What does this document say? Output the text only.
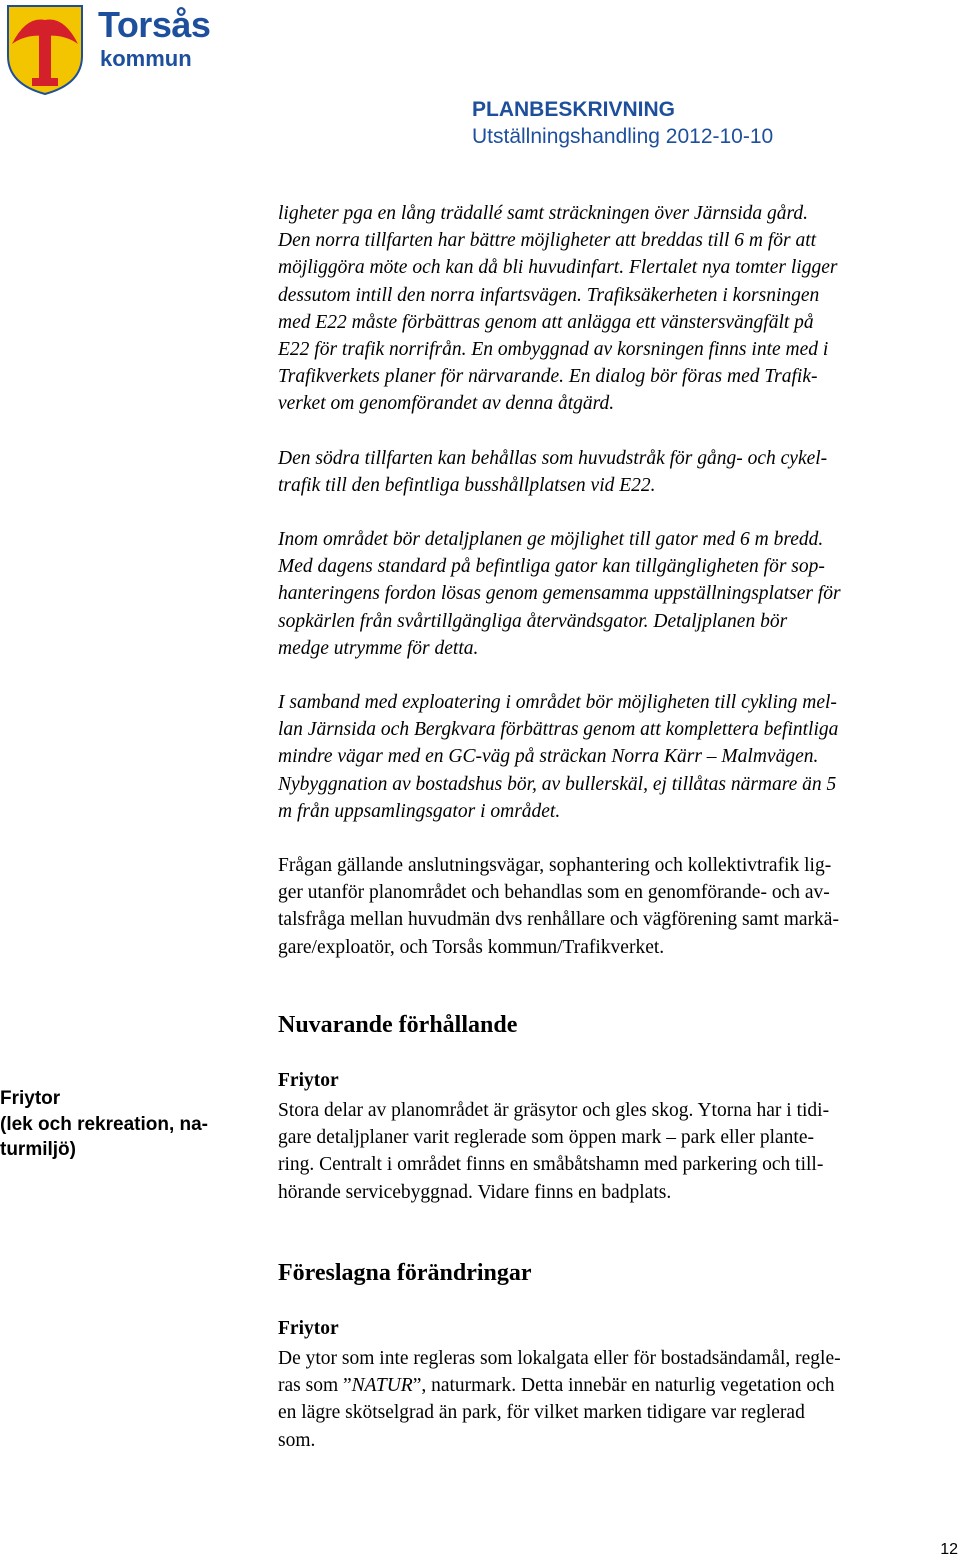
Torsås
kommun
PLANBESKRIVNING
Utställningshandling 2012-10-10

ligheter pga en lång trädallé samt sträckningen över Järnsida gård.
Den norra tillfarten har bättre möjligheter att breddas till 6 m för att
möjliggöra möte och kan då bli huvudinfart. Flertalet nya tomter ligger
dessutom intill den norra infartsvägen. Trafiksäkerheten i korsningen
med E22 måste förbättras genom att anlägga ett vänstersvängfält på
E22 för trafik norrifrån. En ombyggnad av korsningen finns inte med i
Trafikverkets planer för närvarande. En dialog bör föras med Trafik-
verket om genomförandet av denna åtgärd.

Den södra tillfarten kan behållas som huvudstråk för gång- och cykel-
trafik till den befintliga busshållplatsen vid E22.

Inom området bör detaljplanen ge möjlighet till gator med 6 m bredd.
Med dagens standard på befintliga gator kan tillgängligheten för sop-
hanteringens fordon lösas genom gemensamma uppställningsplatser för
sopkärlen från svårtillgängliga återvändsgator. Detaljplanen bör
medge utrymme för detta.

I samband med exploatering i området bör möjligheten till cykling mel-
lan Järnsida och Bergkvara förbättras genom att komplettera befintliga
mindre vägar med en GC-väg på sträckan Norra Kärr – Malmvägen.
Nybyggnation av bostadshus bör, av bullerskäl, ej tillåtas närmare än 5
m från uppsamlingsgator i området.

Frågan gällande anslutningsvägar, sophantering och kollektivtrafik lig-
ger utanför planområdet och behandlas som en genomförande- och av-
talsfråga mellan huvudmän dvs renhållare och vägförening samt markä-
gare/exploatör, och Torsås kommun/Trafikverket.

Nuvarande förhållande
Friytor
(lek och rekreation, na-
turmiljö)
Friytor
Stora delar av planområdet är gräsytor och gles skog. Ytorna har i tidi-
gare detaljplaner varit reglerade som öppen mark – park eller plante-
ring. Centralt i området finns en småbåtshamn med parkering och till-
hörande servicebyggnad. Vidare finns en badplats.
Föreslagna förändringar
Friytor
De ytor som inte regleras som lokalgata eller för bostadsändamål, regle-
ras som ”NATUR”, naturmark. Detta innebär en naturlig vegetation och
en lägre skötselgrad än park, för vilket marken tidigare var reglerad
som.
12
